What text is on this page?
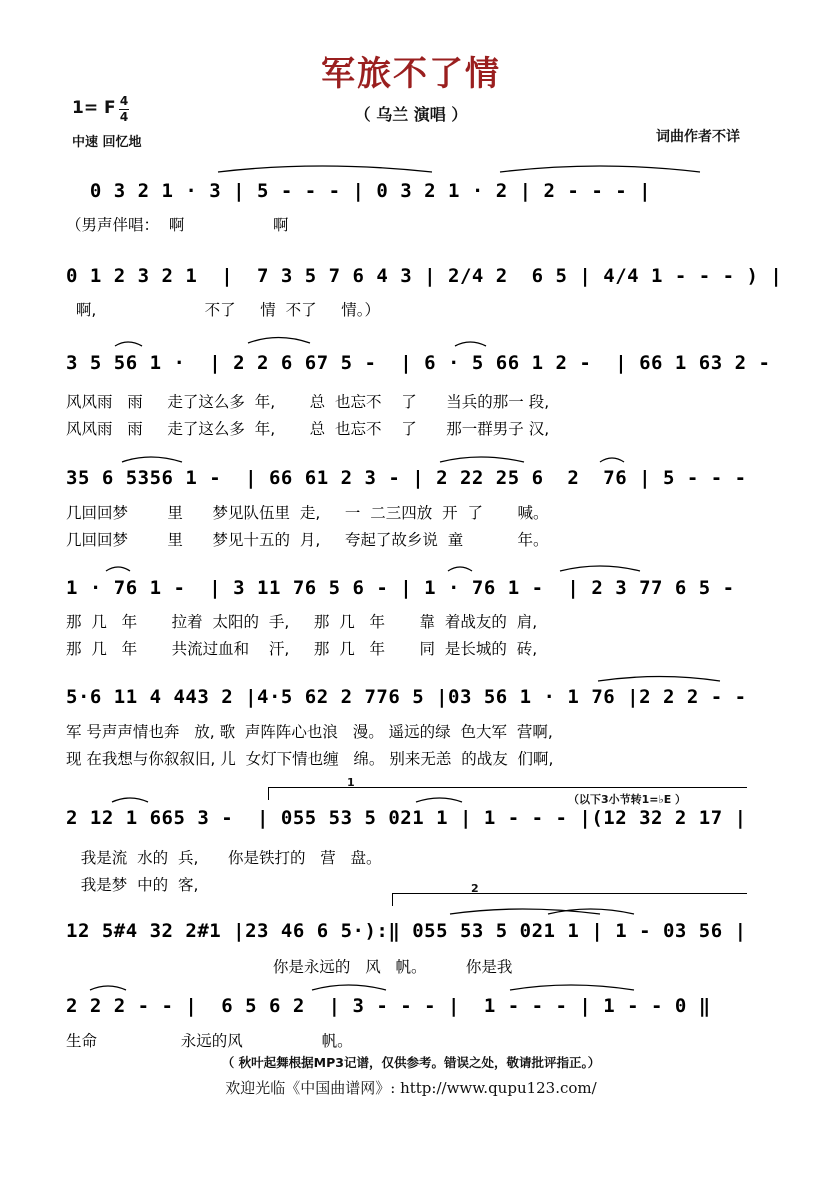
军旅不了情
（ 乌兰 演唱 ）
1= F 4
4
中速 回忆地	词曲作者不详
0 3 2 1 · 3 | 5 - - - | 0 3 2 1 · 2 | 2 - - - |
（男声伴唱：  啊                  啊
0 1 2 3 2 1  |  7 3 5 7 6 4 3 | 2/4 2  6 5 | 4/4 1 - - - ) |
啊,                      不了     情  不了     情。）
3 5 56 1 ·  | 2 2 6 67 5 -  | 6 · 5 66 1 2 -  | 66 1 63 2 -
风风雨   雨     走了这么多  年,       总  也忘不    了      当兵的那一 段,
风风雨   雨     走了这么多  年,       总  也忘不    了      那一群男子 汉,
35 6 5356 1 -  | 66 61 2 3 - | 2 22 25 6  2  76 | 5 - - -
几回回梦        里      梦见队伍里  走,     一  二三四放  开  了       喊。
几回回梦        里      梦见十五的  月,     夸起了故乡说  童           年。
1 · 76 1 -  | 3 11 76 5 6 - | 1 · 76 1 -  | 2 3 77 6 5 -
那  几   年       拉着  太阳的  手,     那  几   年       靠  着战友的  肩,
那  几   年       共流过血和    汗,     那  几   年       同  是长城的  砖,
5·6 11 4 443 2 |4·5 62 2 776 5 |03 56 1 · 1 76 |2 2 2 - -
军 号声声情也奔   放, 歌  声阵阵心也浪   漫。 遥远的绿  色大军  营啊,
现 在我想与你叙叙旧, 儿  女灯下情也缠   绵。 别来无恙  的战友  们啊,
1
（以下3小节转1=♭E ）
2 12 1 665 3 -  | 055 53 5 021 1 | 1 - - - |(12 32 2 17 |
我是流  水的  兵,      你是铁打的   营   盘。
我是梦  中的  客,	2
12 5#4 32 2#1 |23 46 6 5·):‖ 055 53 5 021 1 | 1 - 03 56 |
你是永远的   风   帆。        你是我
2 2 2 - - |  6 5 6 2  | 3 - - - |  1 - - - | 1 - - 0 ‖
生命                 永远的风                帆。
（ 秋叶起舞根据MP3记谱，仅供参考。错误之处，敬请批评指正。）
欢迎光临《中国曲谱网》: http://www.qupu123.com/
